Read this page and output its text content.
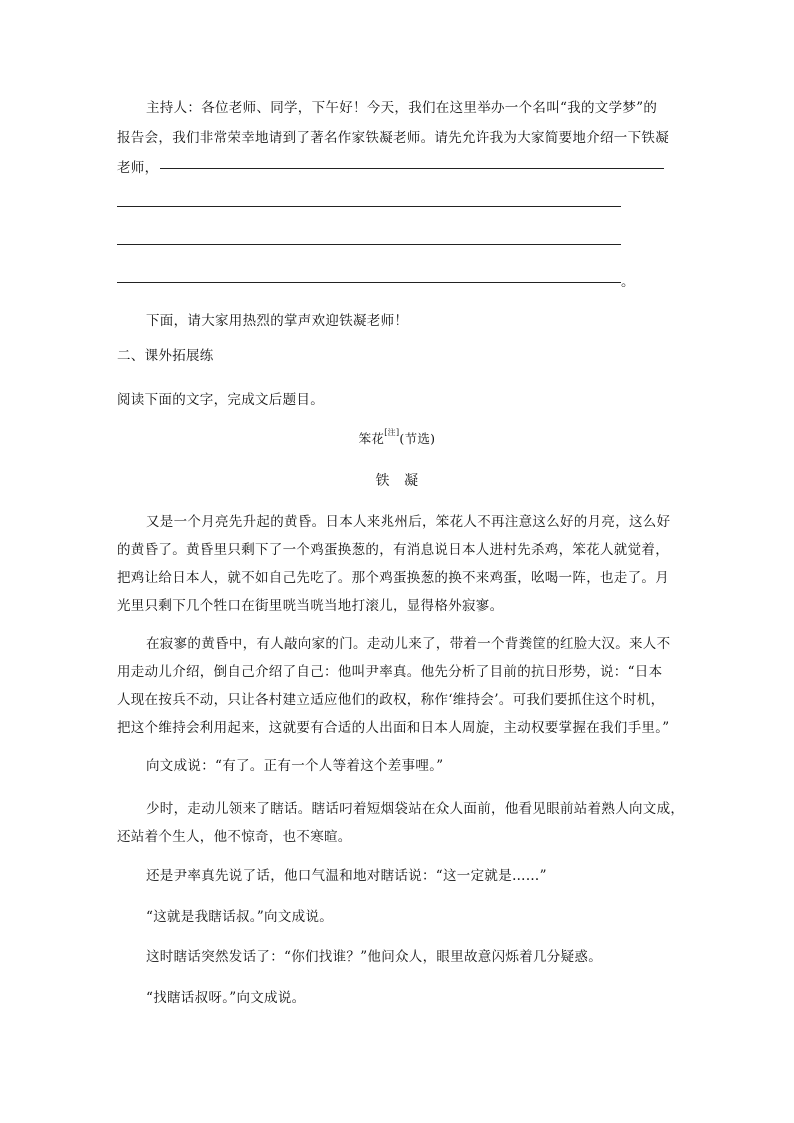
主持人：各位老师、同学，下午好！今天，我们在这里举办一个名叫“我的文学梦”的
报告会，我们非常荣幸地请到了著名作家铁凝老师。请先允许我为大家简要地介绍一下铁凝
老师，
。
下面，请大家用热烈的掌声欢迎铁凝老师！
二、课外拓展练
阅读下面的文字，完成文后题目。
笨花[注](节选)
铁　凝
又是一个月亮先升起的黄昏。日本人来兆州后，笨花人不再注意这么好的月亮，这么好
的黄昏了。黄昏里只剩下了一个鸡蛋换葱的，有消息说日本人进村先杀鸡，笨花人就觉着，
把鸡让给日本人，就不如自己先吃了。那个鸡蛋换葱的换不来鸡蛋，吆喝一阵，也走了。月
光里只剩下几个牲口在街里咣当咣当地打滚儿，显得格外寂寥。
在寂寥的黄昏中，有人敲向家的门。走动儿来了，带着一个背粪筐的红脸大汉。来人不
用走动儿介绍，倒自己介绍了自己：他叫尹率真。他先分析了目前的抗日形势，说：“日本
人现在按兵不动，只让各村建立适应他们的政权，称作‘维持会’。可我们要抓住这个时机，
把这个维持会利用起来，这就要有合适的人出面和日本人周旋，主动权要掌握在我们手里。”
向文成说：“有了。正有一个人等着这个差事哩。”
少时，走动儿领来了瞎话。瞎话叼着短烟袋站在众人面前，他看见眼前站着熟人向文成，
还站着个生人，他不惊奇，也不寒暄。
还是尹率真先说了话，他口气温和地对瞎话说：“这一定就是……”
“这就是我瞎话叔。”向文成说。
这时瞎话突然发话了：“你们找谁？”他问众人，眼里故意闪烁着几分疑惑。
“找瞎话叔呀。”向文成说。
